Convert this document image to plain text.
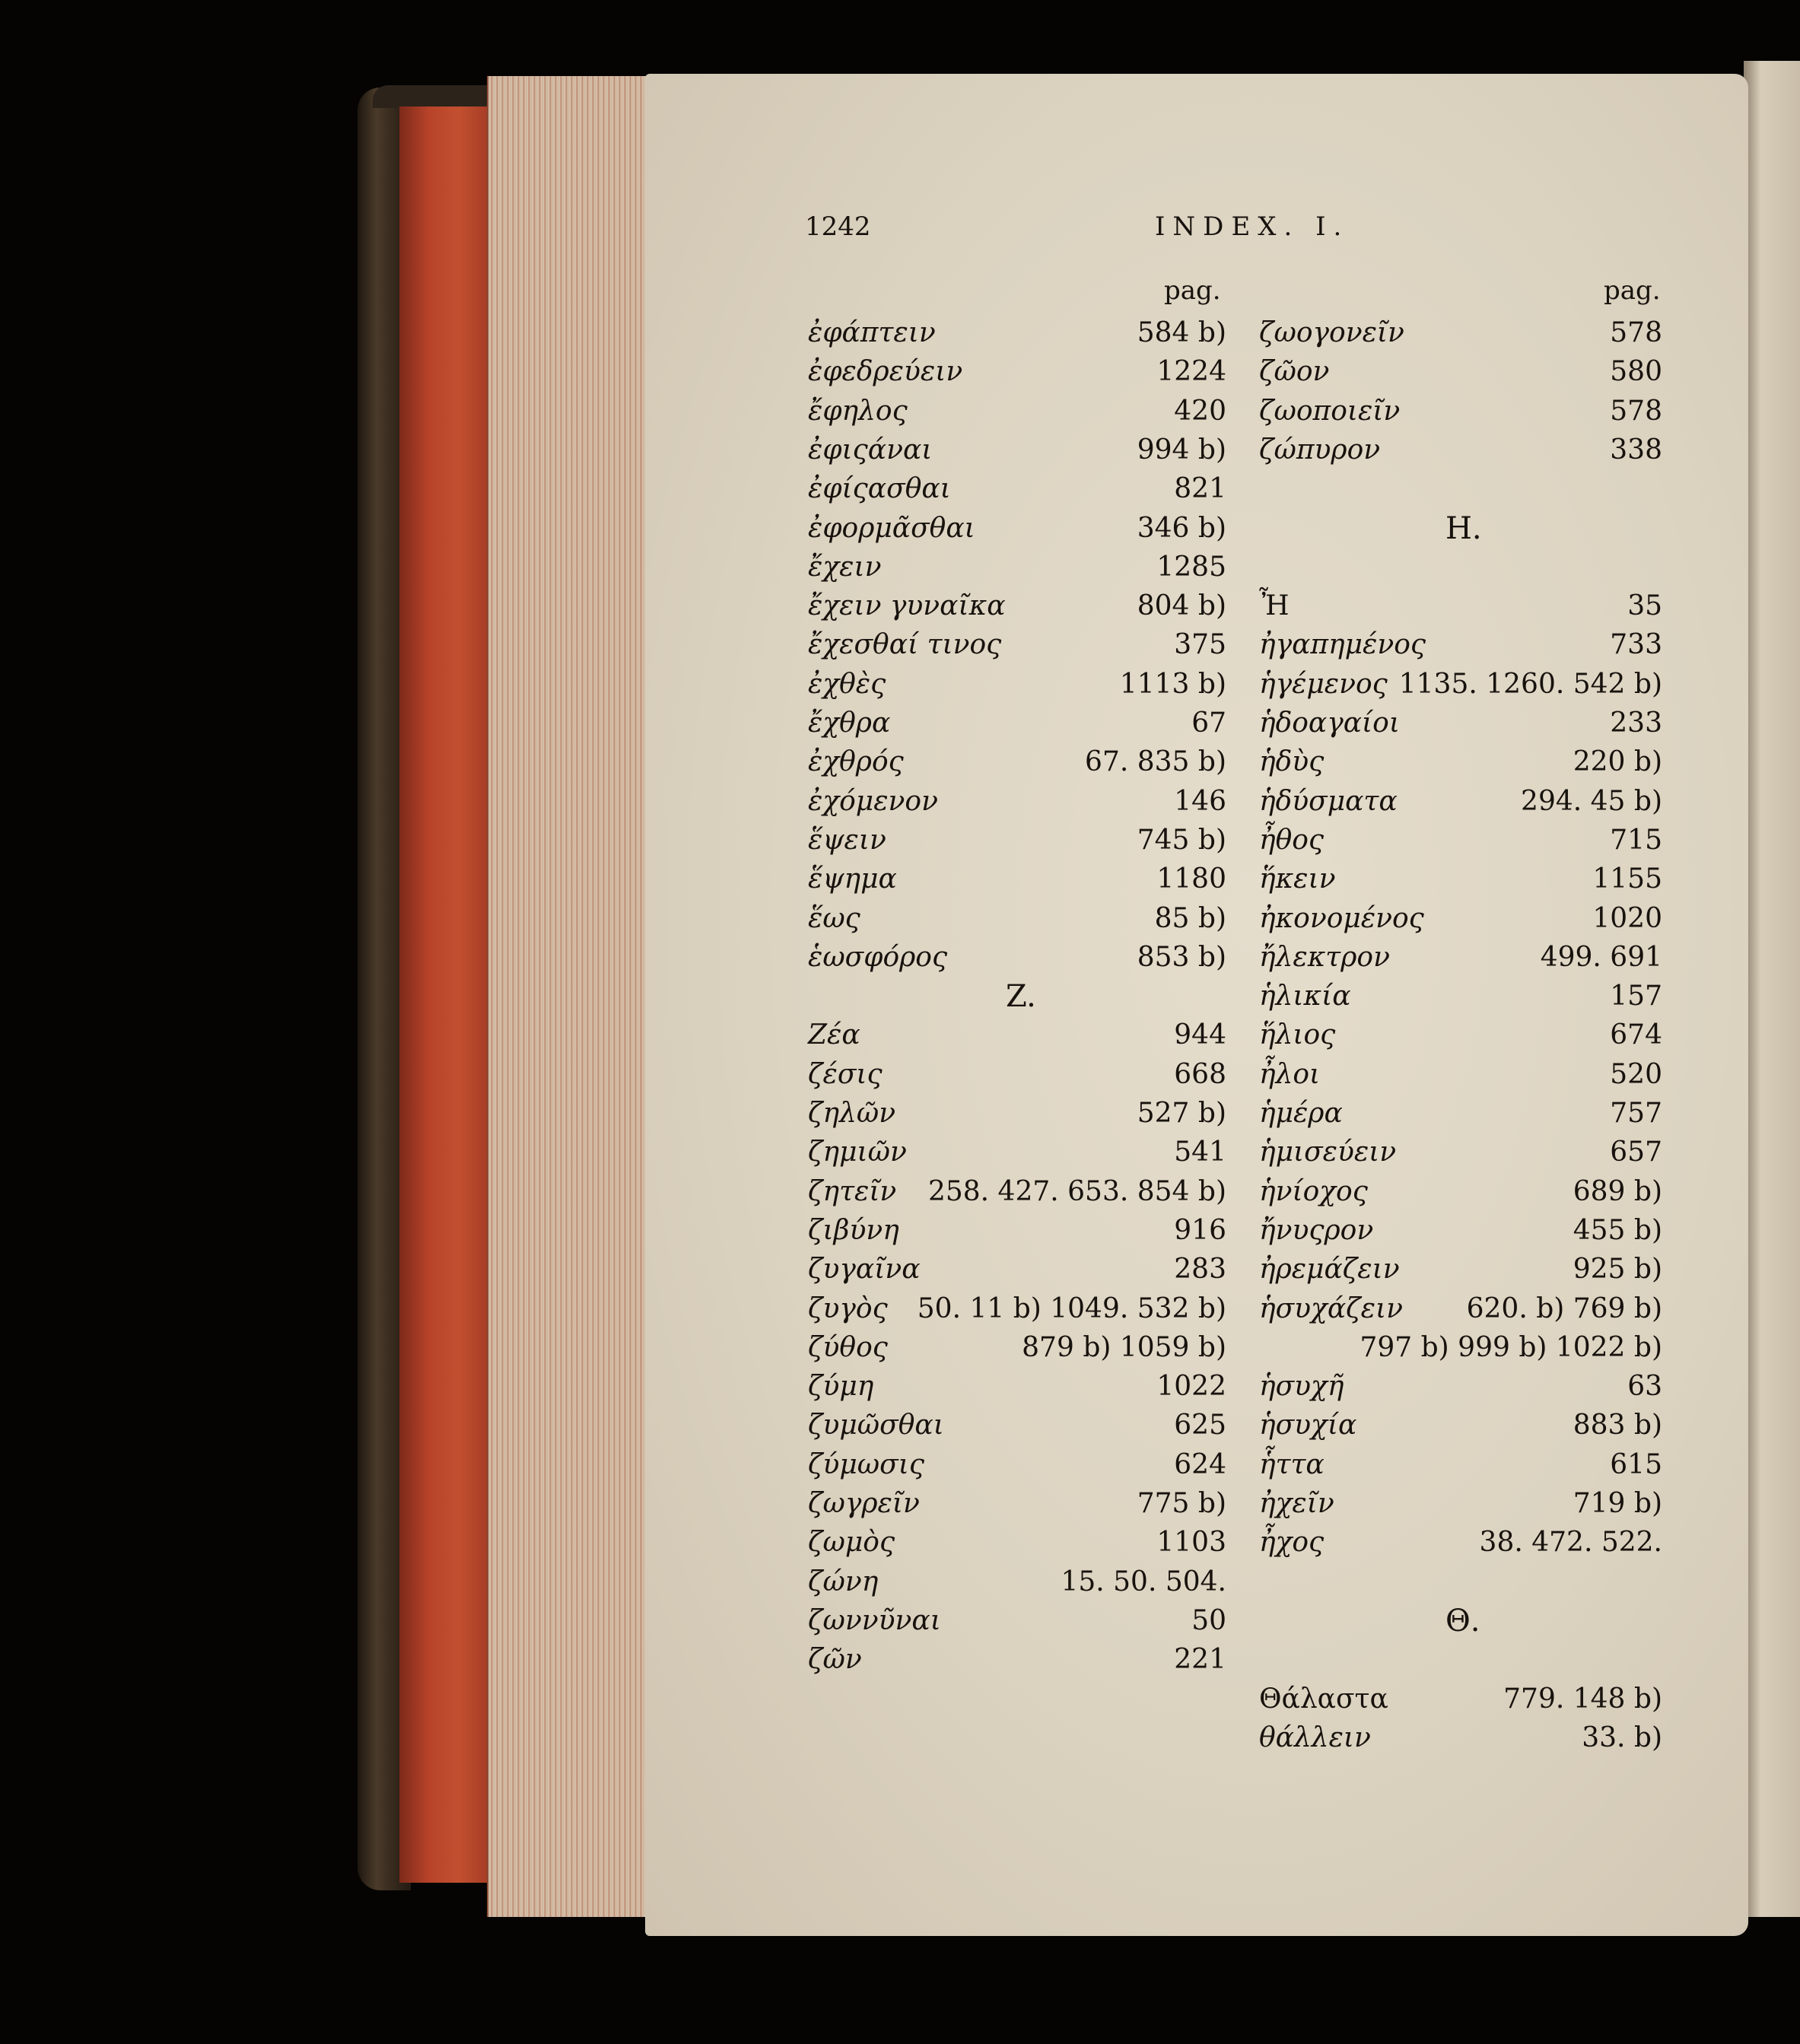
1242	INDEX. I.
pag.	pag.
ἐφάπτειν	584 b)
ἐφεδρεύειν	1224
ἔφηλος	420
ἐφιςάναι	994 b)
ἐφίςασθαι	821
ἐφορμᾶσθαι	346 b)
ἔχειν	1285
ἔχειν γυναῖκα	804 b)
ἔχεσθαί τινος	375
ἐχθὲς	1113 b)
ἔχθρα	67
ἐχθρός	67. 835 b)
ἐχόμενον	146
ἕψειν	745 b)
ἕψημα	1180
ἕως	85 b)
ἑωσφόρος	853 b)
Z.
Ζέα	944
ζέσις	668
ζηλῶν	527 b)
ζημιῶν	541
ζητεῖν 258. 427. 653. 854 b)
ζιβύνη	916
ζυγαῖνα	283
ζυγὸς 50. 11 b) 1049. 532 b)
ζύθος	879 b) 1059 b)
ζύμη	1022
ζυμῶσθαι	625
ζύμωσις	624
ζωγρεῖν	775 b)
ζωμὸς	1103
ζώνη	15. 50. 504.
ζωννῦναι	50
ζῶν	221
ζωογονεῖν	578
ζῶον	580
ζωοποιεῖν	578
ζώπυρον	338
H.
Ἦ	35
ἠγαπημένος	733
ἡγέμενος 1135. 1260. 542 b)
ἡδοαγαίοι	233
ἡδὺς	220 b)
ἡδύσματα	294. 45 b)
ἦθος	715
ἥκειν	1155
ἠκονομένος	1020
ἤλεκτρον	499. 691
ἡλικία	157
ἥλιος	674
ἦλοι	520
ἡμέρα	757
ἡμισεύειν	657
ἡνίοχος	689 b)
ἤνυςρον	455 b)
ἠρεμάζειν	925 b)
ἡσυχάζειν 620. b) 769 b)
797 b) 999 b) 1022 b)
ἡσυχῆ	63
ἡσυχία	883 b)
ἧττα	615
ἠχεῖν	719 b)
ἦχος	38. 472. 522.
Θ.
Θάλαστα	779. 148 b)
θάλλειν	33. b)
